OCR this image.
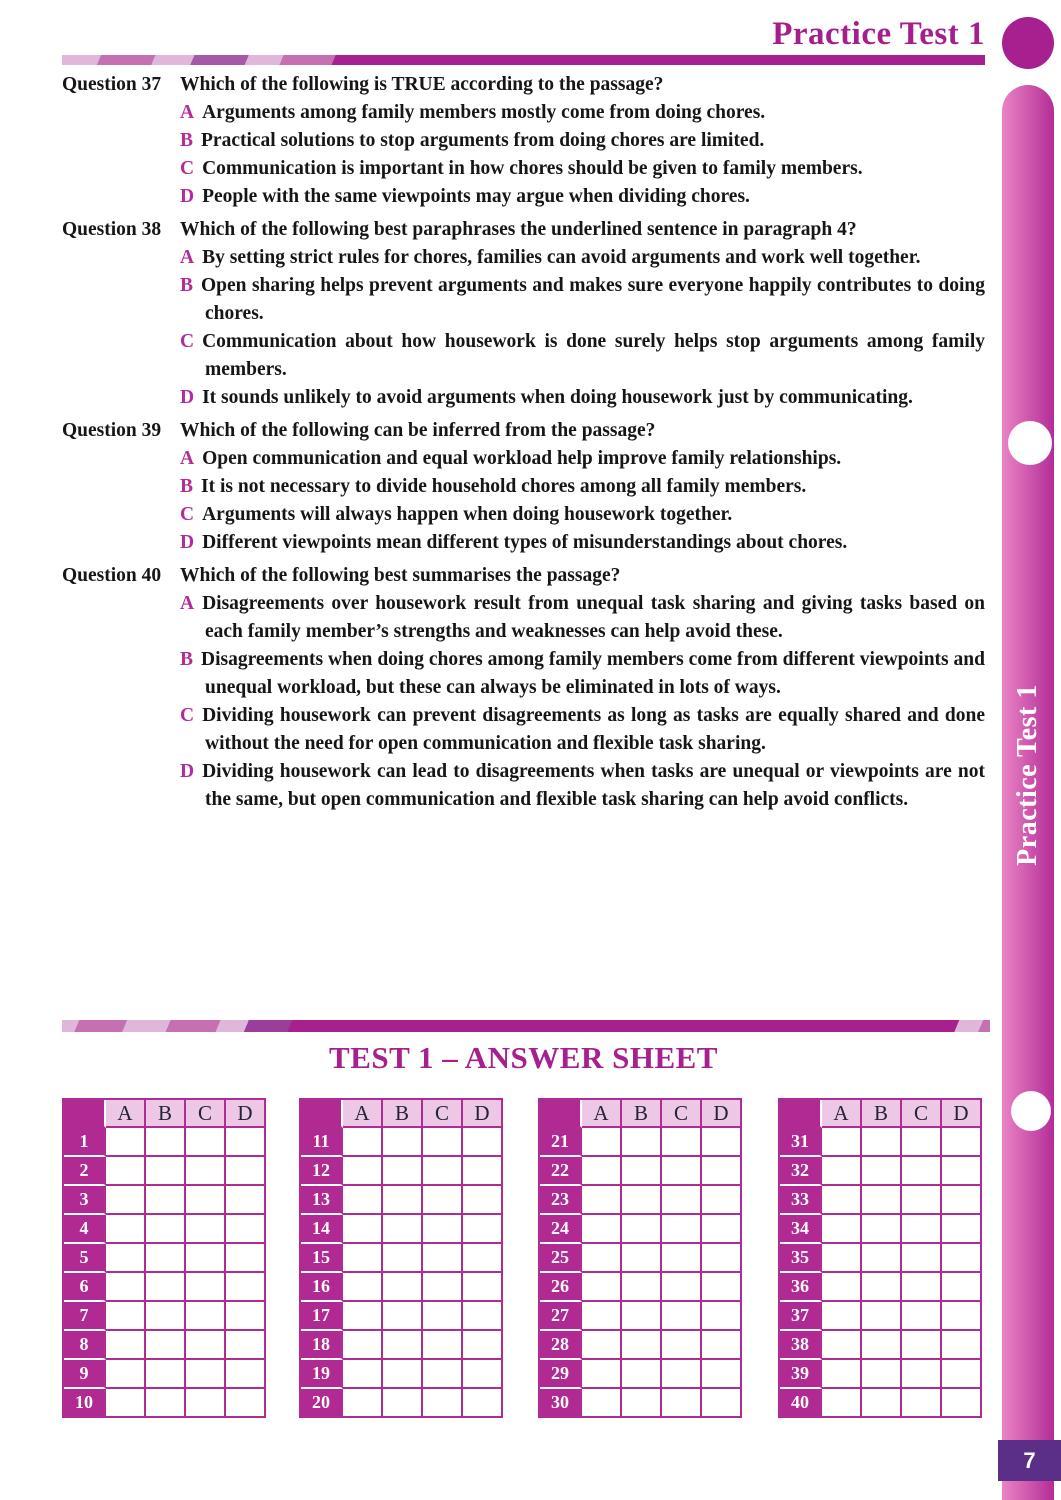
Practice Test 1
Question 37 Which of the following is TRUE according to the passage?
A Arguments among family members mostly come from doing chores.
B Practical solutions to stop arguments from doing chores are limited.
C Communication is important in how chores should be given to family members.
D People with the same viewpoints may argue when dividing chores.
Question 38 Which of the following best paraphrases the underlined sentence in paragraph 4?
A By setting strict rules for chores, families can avoid arguments and work well together.
B Open sharing helps prevent arguments and makes sure everyone happily contributes to doing chores.
C Communication about how housework is done surely helps stop arguments among family members.
D It sounds unlikely to avoid arguments when doing housework just by communicating.
Question 39 Which of the following can be inferred from the passage?
A Open communication and equal workload help improve family relationships.
B It is not necessary to divide household chores among all family members.
C Arguments will always happen when doing housework together.
D Different viewpoints mean different types of misunderstandings about chores.
Question 40 Which of the following best summarises the passage?
A Disagreements over housework result from unequal task sharing and giving tasks based on each family member’s strengths and weaknesses can help avoid these.
B Disagreements when doing chores among family members come from different viewpoints and unequal workload, but these can always be eliminated in lots of ways.
C Dividing housework can prevent disagreements as long as tasks are equally shared and done without the need for open communication and flexible task sharing.
D Dividing housework can lead to disagreements when tasks are unequal or viewpoints are not the same, but open communication and flexible task sharing can help avoid conflicts.
TEST 1 – ANSWER SHEET
	A	B	C	D
1				
2				
3				
4				
5				
6				
7				
8				
9				
10				
	A	B	C	D
11				
12				
13				
14				
15				
16				
17				
18				
19				
20				
	A	B	C	D
21				
22				
23				
24				
25				
26				
27				
28				
29				
30				
	A	B	C	D
31				
32				
33				
34				
35				
36				
37				
38				
39				
40				
Practice Test 1
7
